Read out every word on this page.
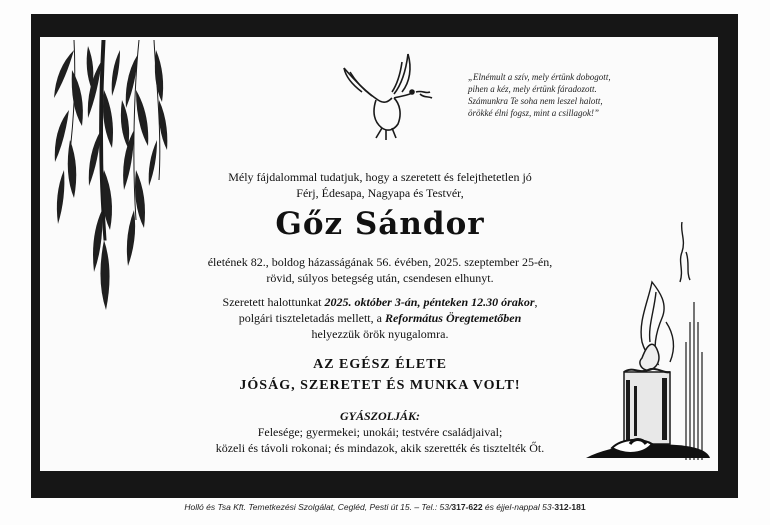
„Elnémult a szív, mely értünk dobogott,
pihen a kéz, mely értünk fáradozott.
Számunkra Te soha nem leszel halott,
örökké élni fogsz, mint a csillagok!”
Mély fájdalommal tudatjuk, hogy a szeretett és felejthetetlen jó
Férj, Édesapa, Nagyapa és Testvér,
Gőz Sándor
életének 82., boldog házasságának 56. évében, 2025. szeptember 25-én,
rövid, súlyos betegség után, csendesen elhunyt.
Szeretett halottunkat 2025. október 3-án, pénteken 12.30 órakor,
polgári tiszteletadás mellett, a Református Öregtemetőben
helyezzük örök nyugalomra.
AZ EGÉSZ ÉLETE
JÓSÁG, SZERETET ÉS MUNKA VOLT!
GYÁSZOLJÁK:
Felesége; gyermekei; unokái; testvére családjaival;
közeli és távoli rokonai; és mindazok, akik szerették és tisztelték Őt.
Holló és Tsa Kft. Temetkezési Szolgálat, Cegléd, Pesti út 15. – Tel.: 53/317-622 és éjjel-nappal 53-312-181
